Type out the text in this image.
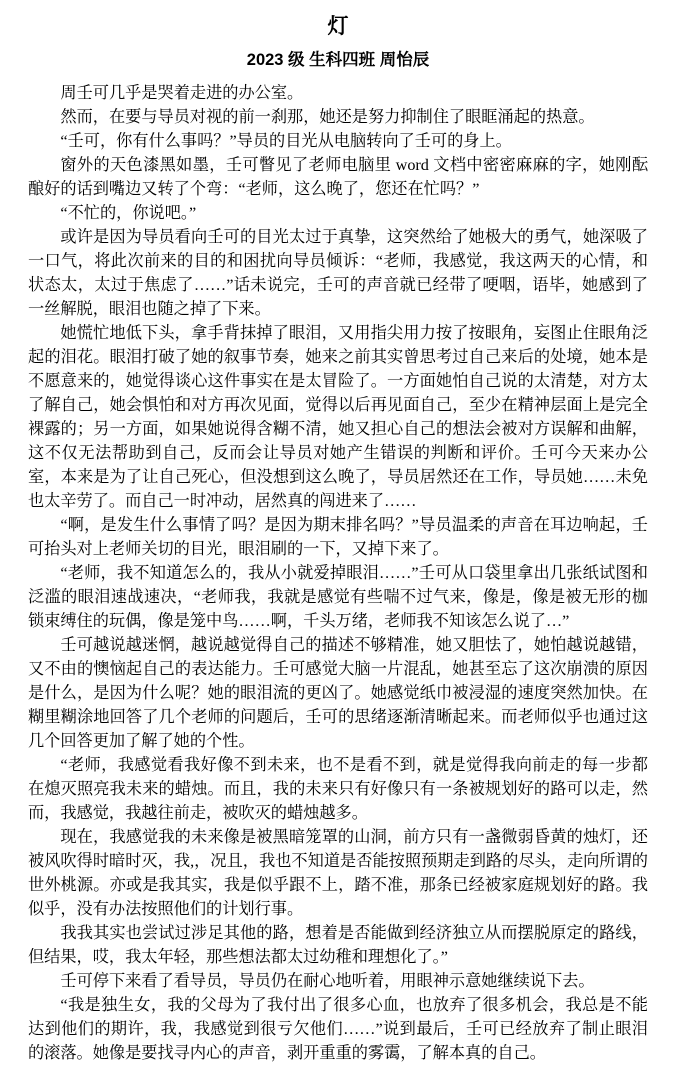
灯
2023 级 生科四班 周怡辰

周壬可几乎是哭着走进的办公室。

然而，在要与导员对视的前一刹那，她还是努力抑制住了眼眶涌起的热意。

“壬可，你有什么事吗？”导员的目光从电脑转向了壬可的身上。

窗外的天色漆黑如墨，壬可瞥见了老师电脑里 word 文档中密密麻麻的字，她刚酝酿好的话到嘴边又转了个弯：“老师，这么晚了，您还在忙吗？”

“不忙的，你说吧。”

或许是因为导员看向壬可的目光太过于真挚，这突然给了她极大的勇气，她深吸了一口气，将此次前来的目的和困扰向导员倾诉：“老师，我感觉，我这两天的心情，和状态太，太过于焦虑了……”话未说完，壬可的声音就已经带了哽咽，语毕，她感到了一丝解脱，眼泪也随之掉了下来。

她慌忙地低下头，拿手背抹掉了眼泪，又用指尖用力按了按眼角，妄图止住眼角泛起的泪花。眼泪打破了她的叙事节奏，她来之前其实曾思考过自己来后的处境，她本是不愿意来的，她觉得谈心这件事实在是太冒险了。一方面她怕自己说的太清楚，对方太了解自己，她会惧怕和对方再次见面，觉得以后再见面自己，至少在精神层面上是完全裸露的；另一方面，如果她说得含糊不清，她又担心自己的想法会被对方误解和曲解，这不仅无法帮助到自己，反而会让导员对她产生错误的判断和评价。壬可今天来办公室，本来是为了让自己死心，但没想到这么晚了，导员居然还在工作，导员她……未免也太辛劳了。而自己一时冲动，居然真的闯进来了……

“啊，是发生什么事情了吗？是因为期末排名吗？”导员温柔的声音在耳边响起，壬可抬头对上老师关切的目光，眼泪刷的一下，又掉下来了。

“老师，我不知道怎么的，我从小就爱掉眼泪……”壬可从口袋里拿出几张纸试图和泛滥的眼泪速战速决，“老师我，我就是感觉有些喘不过气来，像是，像是被无形的枷锁束缚住的玩偶，像是笼中鸟……啊，千头万绪，老师我不知该怎么说了…”

壬可越说越迷惘，越说越觉得自己的描述不够精准，她又胆怯了，她怕越说越错，又不由的懊恼起自己的表达能力。壬可感觉大脑一片混乱，她甚至忘了这次崩溃的原因是什么，是因为什么呢？她的眼泪流的更凶了。她感觉纸巾被浸湿的速度突然加快。在糊里糊涂地回答了几个老师的问题后，壬可的思绪逐渐清晰起来。而老师似乎也通过这几个回答更加了解了她的个性。

“老师，我感觉看我好像不到未来，也不是看不到，就是觉得我向前走的每一步都在熄灭照亮我未来的蜡烛。而且，我的未来只有好像只有一条被规划好的路可以走，然而，我感觉，我越往前走，被吹灭的蜡烛越多。

现在，我感觉我的未来像是被黑暗笼罩的山洞，前方只有一盏微弱昏黄的烛灯，还被风吹得时暗时灭，我,，况且，我也不知道是否能按照预期走到路的尽头，走向所谓的世外桃源。亦或是我其实，我是似乎跟不上，踏不准，那条已经被家庭规划好的路。我似乎，没有办法按照他们的计划行事。

我我其实也尝试过涉足其他的路，想着是否能做到经济独立从而摆脱原定的路线，但结果，哎，我太年轻，那些想法都太过幼稚和理想化了。”

壬可停下来看了看导员，导员仍在耐心地听着，用眼神示意她继续说下去。

“我是独生女，我的父母为了我付出了很多心血，也放弃了很多机会，我总是不能达到他们的期许，我，我感觉到很亏欠他们……”说到最后，壬可已经放弃了制止眼泪的滚落。她像是要找寻内心的声音，剥开重重的雾霭，了解本真的自己。
